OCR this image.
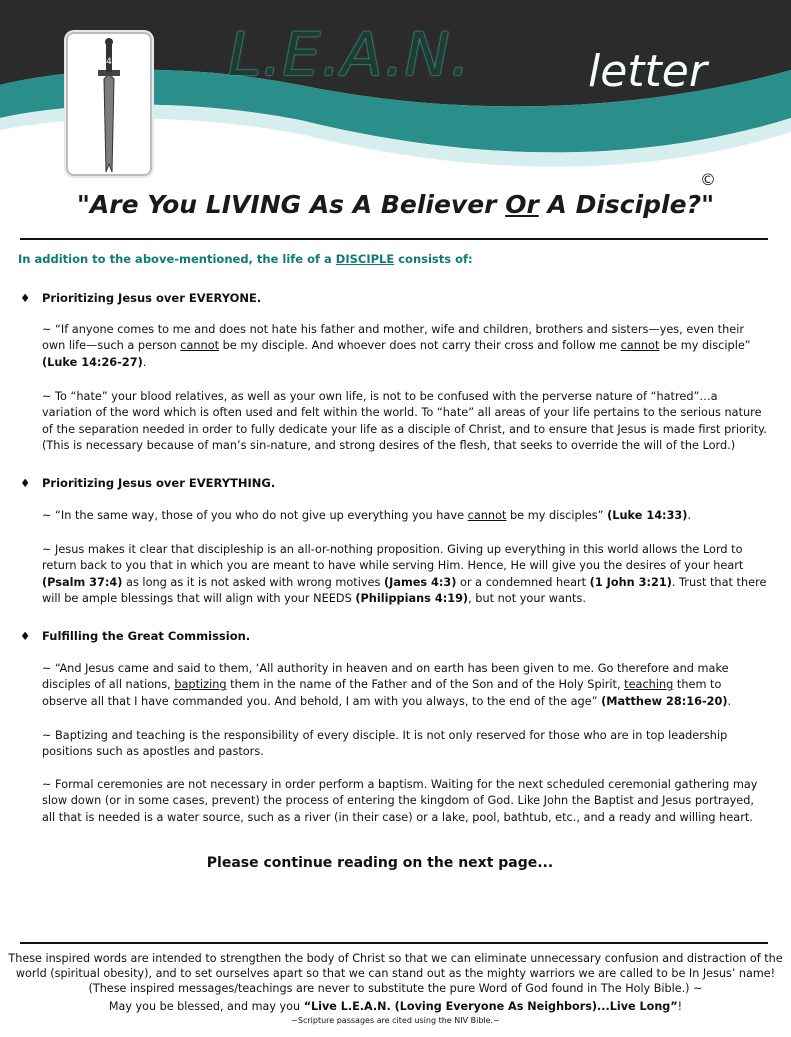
4 L.E.A.N.	letter
©
"Are You LIVING As A Believer Or A Disciple?"
In addition to the above-mentioned, the life of a DISCIPLE consists of:
♦ Prioritizing Jesus over EVERYONE.
~ “If anyone comes to me and does not hate his father and mother, wife and children, brothers and sisters—yes, even their own life—such a person cannot be my disciple. And whoever does not carry their cross and follow me cannot be my disciple”
(Luke 14:26-27).
~ To “hate” your blood relatives, as well as your own life, is not to be confused with the perverse nature of “hatred”…a variation of the word which is often used and felt within the world. To “hate” all areas of your life pertains to the serious nature of the separation needed in order to fully dedicate your life as a disciple of Christ, and to ensure that Jesus is made first priority.
(This is necessary because of man’s sin-nature, and strong desires of the flesh, that seeks to override the will of the Lord.)
♦ Prioritizing Jesus over EVERYTHING.
~ “In the same way, those of you who do not give up everything you have cannot be my disciples” (Luke 14:33).
~ Jesus makes it clear that discipleship is an all-or-nothing proposition. Giving up everything in this world allows the Lord to return back to you that in which you are meant to have while serving Him. Hence, He will give you the desires of your heart (Psalm 37:4) as long as it is not asked with wrong motives (James 4:3) or a condemned heart (1 John 3:21). Trust that there will be ample blessings that will align with your NEEDS (Philippians 4:19), but not your wants.
♦ Fulfilling the Great Commission.
~ “And Jesus came and said to them, ‘All authority in heaven and on earth has been given to me. Go therefore and make disciples of all nations, baptizing them in the name of the Father and of the Son and of the Holy Spirit, teaching them to observe all that I have commanded you. And behold, I am with you always, to the end of the age” (Matthew 28:16-20).
~ Baptizing and teaching is the responsibility of every disciple. It is not only reserved for those who are in top leadership positions such as apostles and pastors.
~ Formal ceremonies are not necessary in order perform a baptism. Waiting for the next scheduled ceremonial gathering may slow down (or in some cases, prevent) the process of entering the kingdom of God. Like John the Baptist and Jesus portrayed, all that is needed is a water source, such as a river (in their case) or a lake, pool, bathtub, etc., and a ready and willing heart.
Please continue reading on the next page...
These inspired words are intended to strengthen the body of Christ so that we can eliminate unnecessary confusion and distraction of the world (spiritual obesity), and to set ourselves apart so that we can stand out as the mighty warriors we are called to be In Jesus’ name!
(These inspired messages/teachings are never to substitute the pure Word of God found in The Holy Bible.) ~
May you be blessed, and may you “Live L.E.A.N. (Loving Everyone As Neighbors)...Live Long”!
~Scripture passages are cited using the NIV Bible.~
